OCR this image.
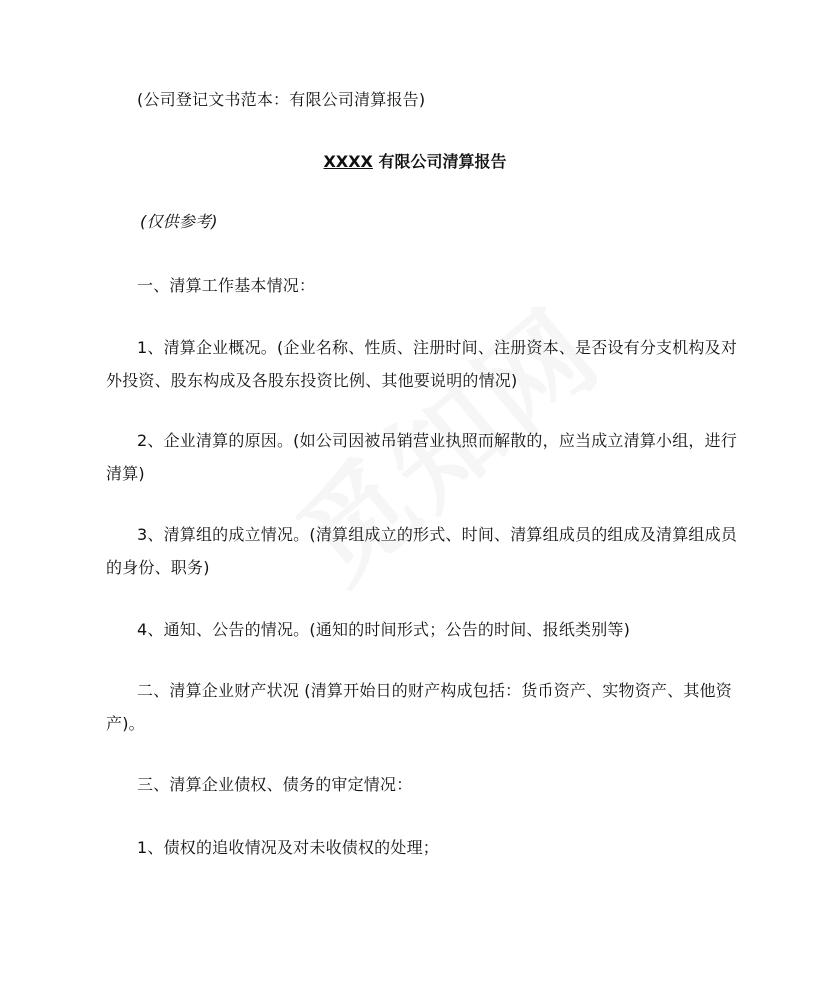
(公司登记文书范本：有限公司清算报告)
XXXX 有限公司清算报告
(仅供参考)
一、清算工作基本情况：
1、清算企业概况。(企业名称、性质、注册时间、注册资本、是否设有分支机构及对
外投资、股东构成及各股东投资比例、其他要说明的情况)
2、企业清算的原因。(如公司因被吊销营业执照而解散的，应当成立清算小组，进行
清算)
3、清算组的成立情况。(清算组成立的形式、时间、清算组成员的组成及清算组成员
的身份、职务)
4、通知、公告的情况。(通知的时间形式；公告的时间、报纸类别等)
二、清算企业财产状况 (清算开始日的财产构成包括：货币资产、实物资产、其他资
产)。
三、清算企业债权、债务的审定情况：
1、债权的追收情况及对未收债权的处理；
